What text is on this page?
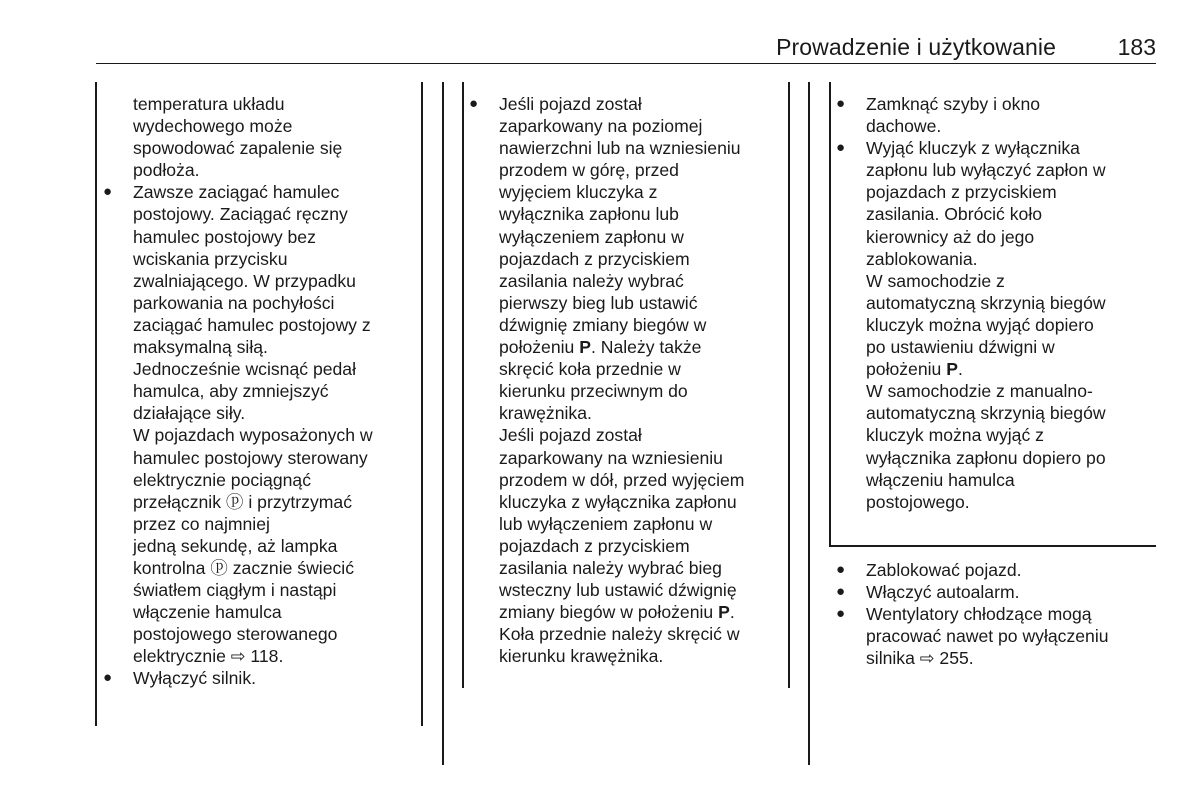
Prowadzenie i użytkowanie	183

temperatura układu
wydechowego może
spowodować zapalenie się
podłoża.

● Zawsze zaciągać hamulec
postojowy. Zaciągać ręczny
hamulec postojowy bez
wciskania przycisku
zwalniającego. W przypadku
parkowania na pochyłości
zaciągać hamulec postojowy z
maksymalną siłą.
Jednocześnie wcisnąć pedał
hamulca, aby zmniejszyć
działające siły.

W pojazdach wyposażonych w
hamulec postojowy sterowany
elektrycznie pociągnąć
przełącznik ⓟ i przytrzymać
przez co najmniej
jedną sekundę, aż lampka
kontrolna ⓟ zacznie świecić
światłem ciągłym i nastąpi
włączenie hamulca
postojowego sterowanego
elektrycznie ⇨ 118.

● Wyłączyć silnik.

● Jeśli pojazd został
zaparkowany na poziomej
nawierzchni lub na wzniesieniu
przodem w górę, przed
wyjęciem kluczyka z
wyłącznika zapłonu lub
wyłączeniem zapłonu w
pojazdach z przyciskiem
zasilania należy wybrać
pierwszy bieg lub ustawić
dźwignię zmiany biegów w
położeniu P. Należy także
skręcić koła przednie w
kierunku przeciwnym do
krawężnika.

Jeśli pojazd został
zaparkowany na wzniesieniu
przodem w dół, przed wyjęciem
kluczyka z wyłącznika zapłonu
lub wyłączeniem zapłonu w
pojazdach z przyciskiem
zasilania należy wybrać bieg
wsteczny lub ustawić dźwignię
zmiany biegów w położeniu P.
Koła przednie należy skręcić w
kierunku krawężnika.

● Zamknąć szyby i okno
dachowe.

● Wyjąć kluczyk z wyłącznika
zapłonu lub wyłączyć zapłon w
pojazdach z przyciskiem
zasilania. Obrócić koło
kierownicy aż do jego
zablokowania.

W samochodzie z
automatyczną skrzynią biegów
kluczyk można wyjąć dopiero
po ustawieniu dźwigni w
położeniu P.

W samochodzie z manualno-
automatyczną skrzynią biegów
kluczyk można wyjąć z
wyłącznika zapłonu dopiero po
włączeniu hamulca
postojowego.

● Zablokować pojazd.

● Włączyć autoalarm.

● Wentylatory chłodzące mogą
pracować nawet po wyłączeniu
silnika ⇨ 255.
